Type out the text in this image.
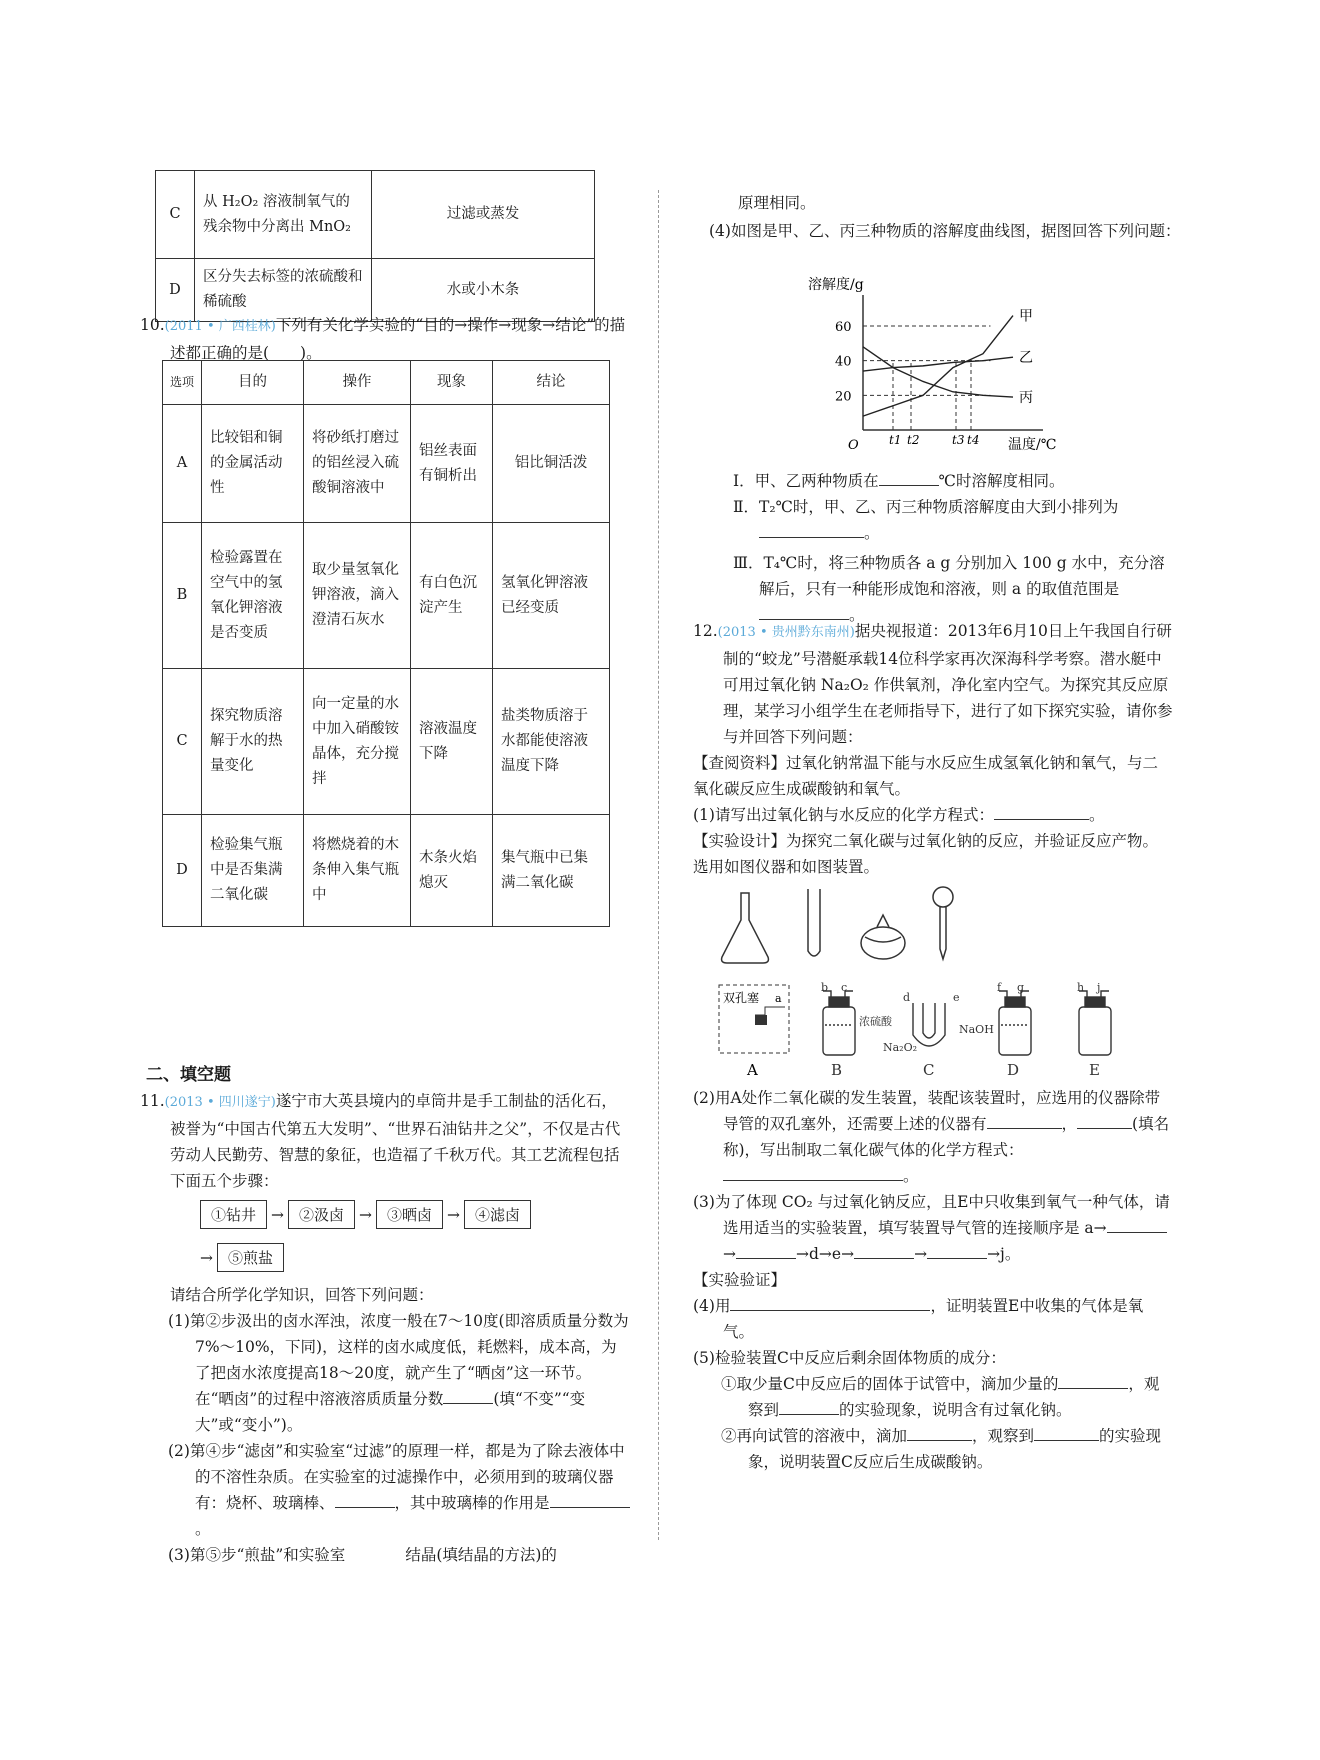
C	从 H₂O₂ 溶液制氧气的残余物中分离出 MnO₂	过滤或蒸发
D	区分失去标签的浓硫酸和稀硫酸	水或小木条

10.(2011 • 广西桂林)下列有关化学实验的“目的→操作→现象→结论”的描述都正确的是(　　)。

选项	目的	操作	现象	结论
A	比较铝和铜的金属活动性	将砂纸打磨过的铝丝浸入硫酸铜溶液中	铝丝表面有铜析出	铝比铜活泼
B	检验露置在空气中的氢氧化钾溶液是否变质	取少量氢氧化钾溶液，滴入澄清石灰水	有白色沉淀产生	氢氧化钾溶液已经变质
C	探究物质溶解于水的热量变化	向一定量的水中加入硝酸铵晶体，充分搅拌	溶液温度下降	盐类物质溶于水都能使溶液温度下降
D	检验集气瓶中是否集满二氧化碳	将燃烧着的木条伸入集气瓶中	木条火焰熄灭	集气瓶中已集满二氧化碳
二、填空题

11.(2013 • 四川遂宁)遂宁市大英县境内的卓筒井是手工制盐的活化石，被誉为“中国古代第五大发明”、“世界石油钻井之父”，不仅是古代劳动人民勤劳、智慧的象征，也造福了千秋万代。其工艺流程包括下面五个步骤：

①钻井 → ②汲卤 → ③晒卤 → ④滤卤
→ ⑤煎盐

请结合所学化学知识，回答下列问题：

(1)第②步汲出的卤水浑浊，浓度一般在7～10度(即溶质质量分数为7%～10%，下同)，这样的卤水咸度低，耗燃料，成本高，为了把卤水浓度提高18～20度，就产生了“晒卤”这一环节。在“晒卤”的过程中溶液溶质质量分数	(填“不变”“变大”或“变小”)。

(2)第④步“滤卤”和实验室“过滤”的原理一样，都是为了除去液体中的不溶性杂质。在实验室的过滤操作中，必须用到的玻璃仪器有：烧杯、玻璃棒、	，其中玻璃棒的作用是。

(3)第⑤步“煎盐”和实验室	结晶(填结晶的方法)的

原理相同。

(4)如图是甲、乙、丙三种物质的溶解度曲线图，据图回答下列问题：

溶解度/g
温度/℃
O
20
40
60
t1 t2	t3 t4
甲
乙
丙

Ⅰ．甲、乙两种物质在	℃时溶解度相同。

Ⅱ．T₂℃时，甲、乙、丙三种物质溶解度由大到小排列为

。

Ⅲ．T₄℃时，将三种物质各 a g 分别加入 100 g 水中，充分溶解后，只有一种能形成饱和溶液，则 a 的取值范围是。

12.(2013 • 贵州黔东南州)据央视报道：2013年6月10日上午我国自行研制的“蛟龙”号潜艇承载14位科学家再次深海科学考察。潜水艇中可用过氧化钠 Na₂O₂ 作供氧剂，净化室内空气。为探究其反应原理，某学习小组学生在老师指导下，进行了如下探究实验，请你参与并回答下列问题：

【查阅资料】过氧化钠常温下能与水反应生成氢氧化钠和氧气，与二氧化碳反应生成碳酸钠和氧气。

(1)请写出过氧化钠与水反应的化学方程式：	。

【实验设计】为探究二氧化碳与过氧化钠的反应，并验证反应产物。选用如图仪器和如图装置。

双孔塞 a
A
b c
浓硫酸
B
d	e
Na₂O₂
C
f g
NaOH
D
h j
E

(2)用A处作二氧化碳的发生装置，装配该装置时，应选用的仪器除带导管的双孔塞外，还需要上述的仪器有	，	(填名称)，写出制取二氧化碳气体的化学方程式：。

(3)为了体现 CO₂ 与过氧化钠反应，且E中只收集到氧气一种气体，请选用适当的实验装置，填写装置导气管的连接顺序是 a→→	→d→e→	→	→j。

【实验验证】

(4)用	，证明装置E中收集的气体是氧气。

(5)检验装置C中反应后剩余固体物质的成分：

①取少量C中反应后的固体于试管中，滴加少量的	，观察到	的实验现象，说明含有过氧化钠。

②再向试管的溶液中，滴加	，观察到	的实验现象，说明装置C反应后生成碳酸钠。
